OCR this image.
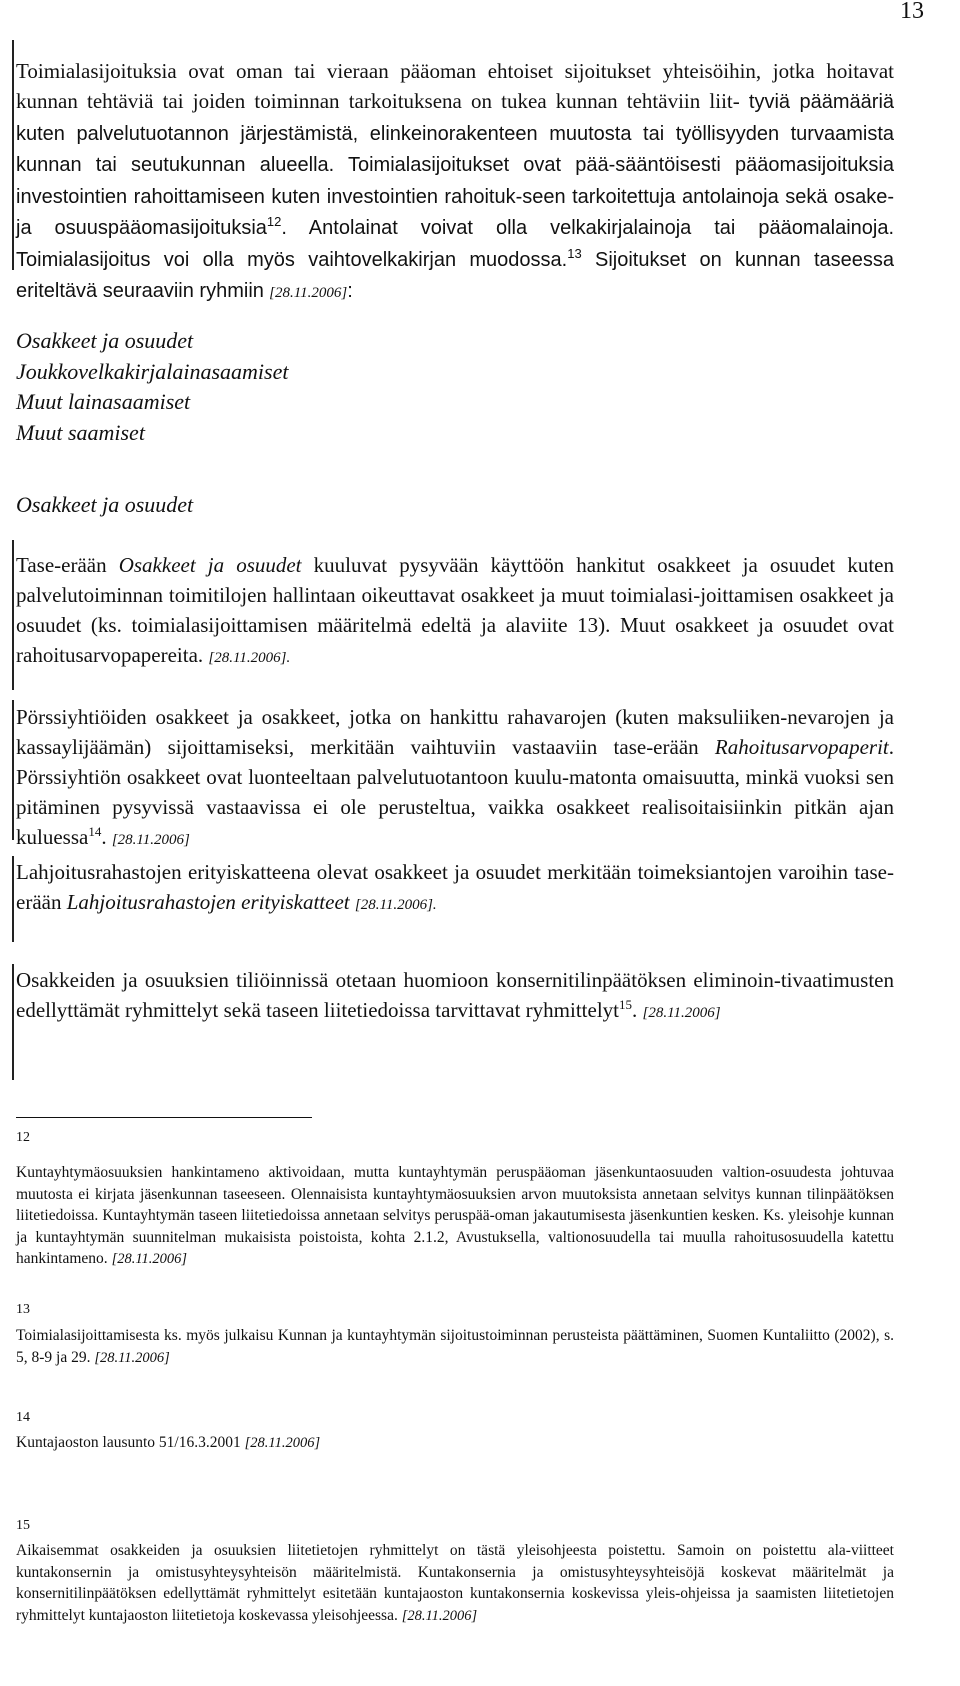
13
Toimialasijoituksia ovat oman tai vieraan pääoman ehtoiset sijoitukset yhteisöihin, jotka hoitavat kunnan tehtäviä tai joiden toiminnan tarkoituksena on tukea kunnan tehtäviin liit- tyviä päämääriä kuten palvelutuotannon järjestämistä, elinkeinorakenteen muutosta tai työllisyyden turvaamista kunnan tai seutukunnan alueella. Toimialasijoitukset ovat pää-sääntöisesti pääomasijoituksia investointien rahoittamiseen kuten investointien rahoituk-seen tarkoitettuja antolainoja sekä osake- ja osuuspääomasijoituksia$^{12}$. Antolainat voivat olla velkakirjalainoja tai pääomalainoja. Toimialasijoitus voi olla myös vaihtovelkakirjan muodossa.$^{13}$ Sijoitukset on kunnan taseessa eriteltävä seuraaviin ryhmiin [28.11.2006]:
Osakkeet ja osuudet
Joukkovelkakirjalainasaamiset
Muut lainasaamiset
Muut saamiset
Osakkeet ja osuudet
Tase-erään Osakkeet ja osuudet kuuluvat pysyvään käyttöön hankitut osakkeet ja osuudet kuten palvelutoiminnan toimitilojen hallintaan oikeuttavat osakkeet ja muut toimialasi-joittamisen osakkeet ja osuudet (ks. toimialasijoittamisen määritelmä edeltä ja alaviite 13). Muut osakkeet ja osuudet ovat rahoitusarvopapereita. [28.11.2006].
Pörssiyhtiöiden osakkeet ja osakkeet, jotka on hankittu rahavarojen (kuten maksuliiken-nevarojen ja kassaylijäämän) sijoittamiseksi, merkitään vaihtuviin vastaaviin tase-erään Rahoitusarvopaperit. Pörssiyhtiön osakkeet ovat luonteeltaan palvelutuotantoon kuulu-matonta omaisuutta, minkä vuoksi sen pitäminen pysyvissä vastaavissa ei ole perusteltua, vaikka osakkeet realisoitaisiinkin pitkän ajan kuluessa$^{14}$. [28.11.2006]
Lahjoitusrahastojen erityiskatteena olevat osakkeet ja osuudet merkitään toimeksiantojen varoihin tase-erään Lahjoitusrahastojen erityiskatteet [28.11.2006].
Osakkeiden ja osuuksien tiliöinnissä otetaan huomioon konsernitilinpäätöksen eliminoin-tivaatimusten edellyttämät ryhmittelyt sekä taseen liitetiedoissa tarvittavat ryhmittelyt$^{15}$. [28.11.2006]
12
Kuntayhtymäosuuksien hankintameno aktivoidaan, mutta kuntayhtymän peruspääoman jäsenkuntaosuuden valtion-osuudesta johtuvaa muutosta ei kirjata jäsenkunnan taseeseen. Olennaisista kuntayhtymäosuuksien arvon muutoksista annetaan selvitys kunnan tilinpäätöksen liitetiedoissa. Kuntayhtymän taseen liitetiedoissa annetaan selvitys peruspää-oman jakautumisesta jäsenkuntien kesken. Ks. yleisohje kunnan ja kuntayhtymän suunnitelman mukaisista poistoista, kohta 2.1.2, Avustuksella, valtionosuudella tai muulla rahoitusosuudella katettu hankintameno. [28.11.2006]
13
Toimialasijoittamisesta ks. myös julkaisu Kunnan ja kuntayhtymän sijoitustoiminnan perusteista päättäminen, Suomen Kuntaliitto (2002), s. 5, 8-9 ja 29. [28.11.2006]
14
Kuntajaoston lausunto 51/16.3.2001 [28.11.2006]
15
Aikaisemmat osakkeiden ja osuuksien liitetietojen ryhmittelyt on tästä yleisohjeesta poistettu. Samoin on poistettu ala-viitteet kuntakonsernin ja omistusyhteysyhteisön määritelmistä. Kuntakonsernia ja omistusyhteysyhteisöjä koskevat määritelmät ja konsernitilinpäätöksen edellyttämät ryhmittelyt esitetään kuntajaoston kuntakonsernia koskevissa yleis-ohjeissa ja saamisten liitetietojen ryhmittelyt kuntajaoston liitetietoja koskevassa yleisohjeessa. [28.11.2006]
